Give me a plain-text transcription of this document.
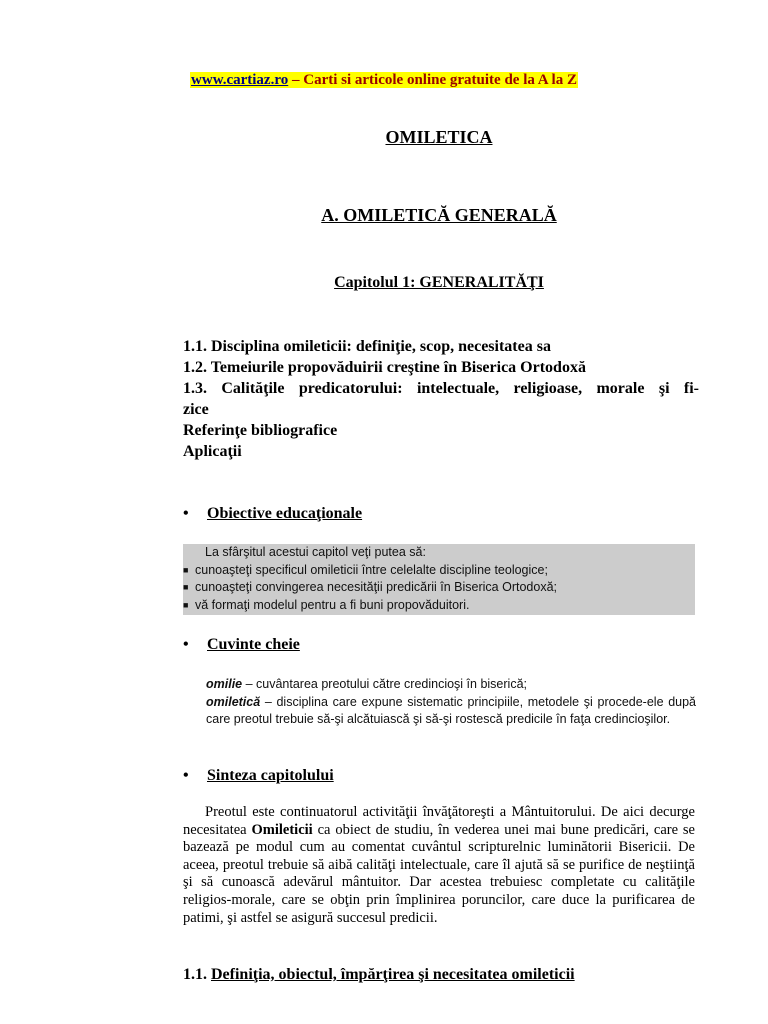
www.cartiaz.ro – Carti si articole online gratuite de la A la Z
OMILETICA
A. OMILETICĂ GENERALĂ
Capitolul 1: GENERALITĂŢI
1.1. Disciplina omileticii: definiţie, scop, necesitatea sa
1.2. Temeiurile propovăduirii creştine în Biserica Ortodoxă
1.3. Calităţile predicatorului: intelectuale, religioase, morale şi fi-
zice
Referinţe bibliografice
Aplicaţii
• Obiective educaţionale
La sfârşitul acestui capitol veţi putea să:
■ cunoaşteţi specificul omileticii între celelalte discipline teologice;
■ cunoaşteţi convingerea necesităţii predicării în Biserica Ortodoxă;
■ vă formaţi modelul pentru a fi buni propovăduitori.
• Cuvinte cheie
omilie – cuvântarea preotului către credincioşi în biserică;
omiletică – disciplina care expune sistematic principiile, metodele şi procede-ele după care preotul trebuie să-şi alcătuiască şi să-şi rostescă predicile în faţa credincioşilor.
• Sinteza capitolului

Preotul este continuatorul activităţii învăţătoreşti a Mântuitorului. De aici decurge necesitatea Omileticii ca obiect de studiu, în vederea unei mai bune predicări, care se bazează pe modul cum au comentat cuvântul scripturelnic luminătorii Bisericii. De aceea, preotul trebuie să aibă calităţi intelectuale, care îl ajută să se purifice de neştiinţă şi să cunoască adevărul mântuitor. Dar acestea trebuiesc completate cu calităţile religios-morale, care se obţin prin împlinirea poruncilor, care duce la purificarea de patimi, şi astfel se asigură succesul predicii.

1.1. Definiţia, obiectul, împărţirea şi necesitatea omileticii
